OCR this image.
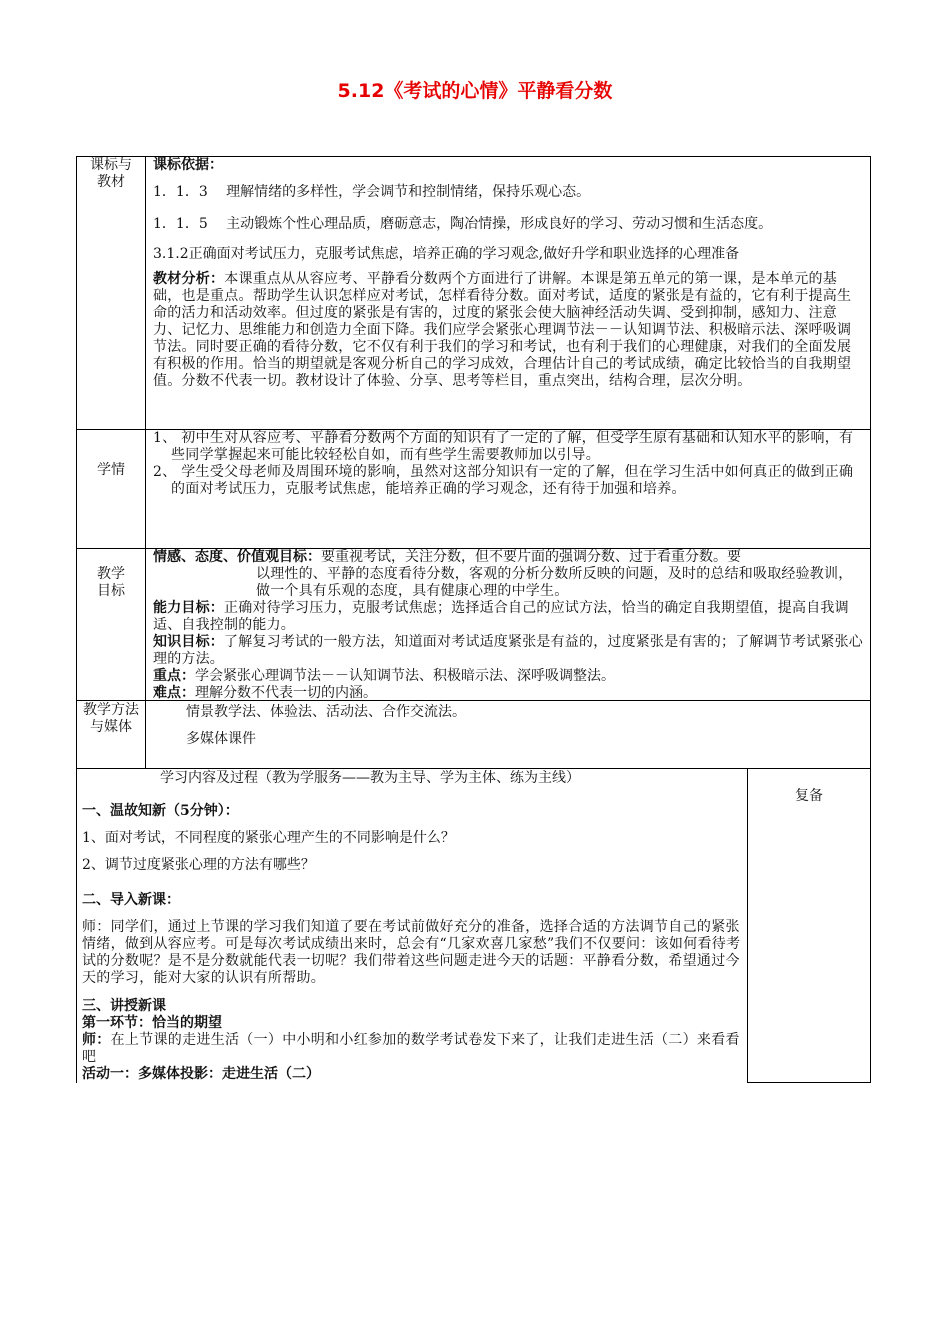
5.12《考试的心情》平静看分数
课标与教材

课标依据：

1．1．3　 理解情绪的多样性，学会调节和控制情绪，保持乐观心态。

1．1．5　 主动锻炼个性心理品质，磨砺意志，陶冶情操，形成良好的学习、劳动习惯和生活态度。

3.1.2正确面对考试压力，克服考试焦虑，培养正确的学习观念,做好升学和职业选择的心理准备

教材分析：本课重点从从容应考、平静看分数两个方面进行了讲解。本课是第五单元的第一课，是本单元的基础，也是重点。帮助学生认识怎样应对考试，怎样看待分数。面对考试，适度的紧张是有益的，它有利于提高生命的活力和活动效率。但过度的紧张是有害的，过度的紧张会使大脑神经活动失调、受到抑制，感知力、注意力、记忆力、思维能力和创造力全面下降。我们应学会紧张心理调节法－－认知调节法、积极暗示法、深呼吸调节法。同时要正确的看待分数，它不仅有利于我们的学习和考试，也有利于我们的心理健康，对我们的全面发展有积极的作用。恰当的期望就是客观分析自己的学习成效，合理估计自己的考试成绩，确定比较恰当的自我期望值。分数不代表一切。教材设计了体验、分享、思考等栏目，重点突出，结构合理，层次分明。

学情

1、 初中生对从容应考、平静看分数两个方面的知识有了一定的了解，但受学生原有基础和认知水平的影响，有些同学掌握起来可能比较轻松自如，而有些学生需要教师加以引导。

2、 学生受父母老师及周围环境的影响，虽然对这部分知识有一定的了解，但在学习生活中如何真正的做到正确的面对考试压力，克服考试焦虑，能培养正确的学习观念，还有待于加强和培养。

教学目标

情感、态度、价值观目标：要重视考试，关注分数，但不要片面的强调分数、过于看重分数。要

以理性的、平静的态度看待分数，客观的分析分数所反映的问题，及时的总结和吸取经验教训，做一个具有乐观的态度，具有健康心理的中学生。

能力目标：正确对待学习压力，克服考试焦虑；选择适合自己的应试方法，恰当的确定自我期望值，提高自我调适、自我控制的能力。

知识目标：了解复习考试的一般方法，知道面对考试适度紧张是有益的，过度紧张是有害的；了解调节考试紧张心理的方法。

重点：学会紧张心理调节法－－认知调节法、积极暗示法、深呼吸调整法。

难点：理解分数不代表一切的内涵。

教学方法与媒体

情景教学法、体验法、活动法、合作交流法。

多媒体课件

学习内容及过程（教为学服务——教为主导、学为主体、练为主线）

一、温故知新（5分钟）：

1、面对考试，不同程度的紧张心理产生的不同影响是什么？

2、调节过度紧张心理的方法有哪些？

二、导入新课：

师：同学们，通过上节课的学习我们知道了要在考试前做好充分的准备，选择合适的方法调节自己的紧张情绪，做到从容应考。可是每次考试成绩出来时，总会有“几家欢喜几家愁”我们不仅要问：该如何看待考试的分数呢？是不是分数就能代表一切呢？我们带着这些问题走进今天的话题：平静看分数，希望通过今天的学习，能对大家的认识有所帮助。

三、讲授新课

第一环节：恰当的期望

师：在上节课的走进生活（一）中小明和小红参加的数学考试卷发下来了，让我们走进生活（二）来看看吧

活动一：多媒体投影：走进生活（二）

复备
